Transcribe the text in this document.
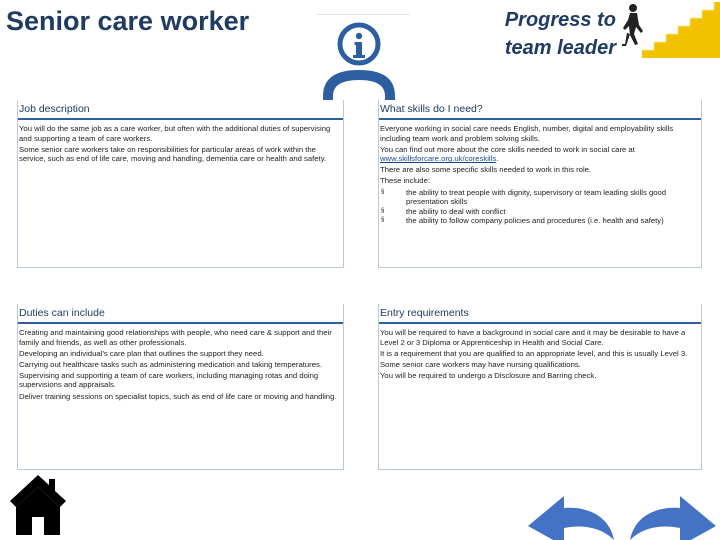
Senior care worker	Progress to
team leader
Job description

You will do the same job as a care worker, but often with the additional duties of supervising and supporting a team of care workers.

Some senior care workers take on responsibilities for particular areas of work within the service, such as end of life care, moving and handling, dementia care or health and safety.

What skills do I need?

Everyone working in social care needs English, number, digital and employability skills including team work and problem solving skills.

You can find out more about the core skills needed to work in social care at www.skillsforcare.org.uk/coreskills.

There are also some specific skills needed to work in this role.

These include:

§	the ability to treat people with dignity, supervisory or team leading skills good presentation skills
§	the ability to deal with conflict
§	the ability to follow company policies and procedures (i.e. health and safety)
Duties can include

Creating and maintaining good relationships with people, who need care & support and their family and friends, as well as other professionals.

Developing an individual’s care plan that outlines the support they need.

Carrying out healthcare tasks such as administering medication and taking temperatures.

Supervising and supporting a team of care workers, including managing rotas and doing supervisions and appraisals.

Deliver training sessions on specialist topics, such as end of life care or moving and handling.

Entry requirements

You will be required to have a background in social care and it may be desirable to have a Level 2 or 3 Diploma or Apprenticeship in Health and Social Care.

It is a requirement that you are qualified to an appropriate level, and this is usually Level 3.

Some senior care workers may have nursing qualifications.

You will be required to undergo a Disclosure and Barring check.
